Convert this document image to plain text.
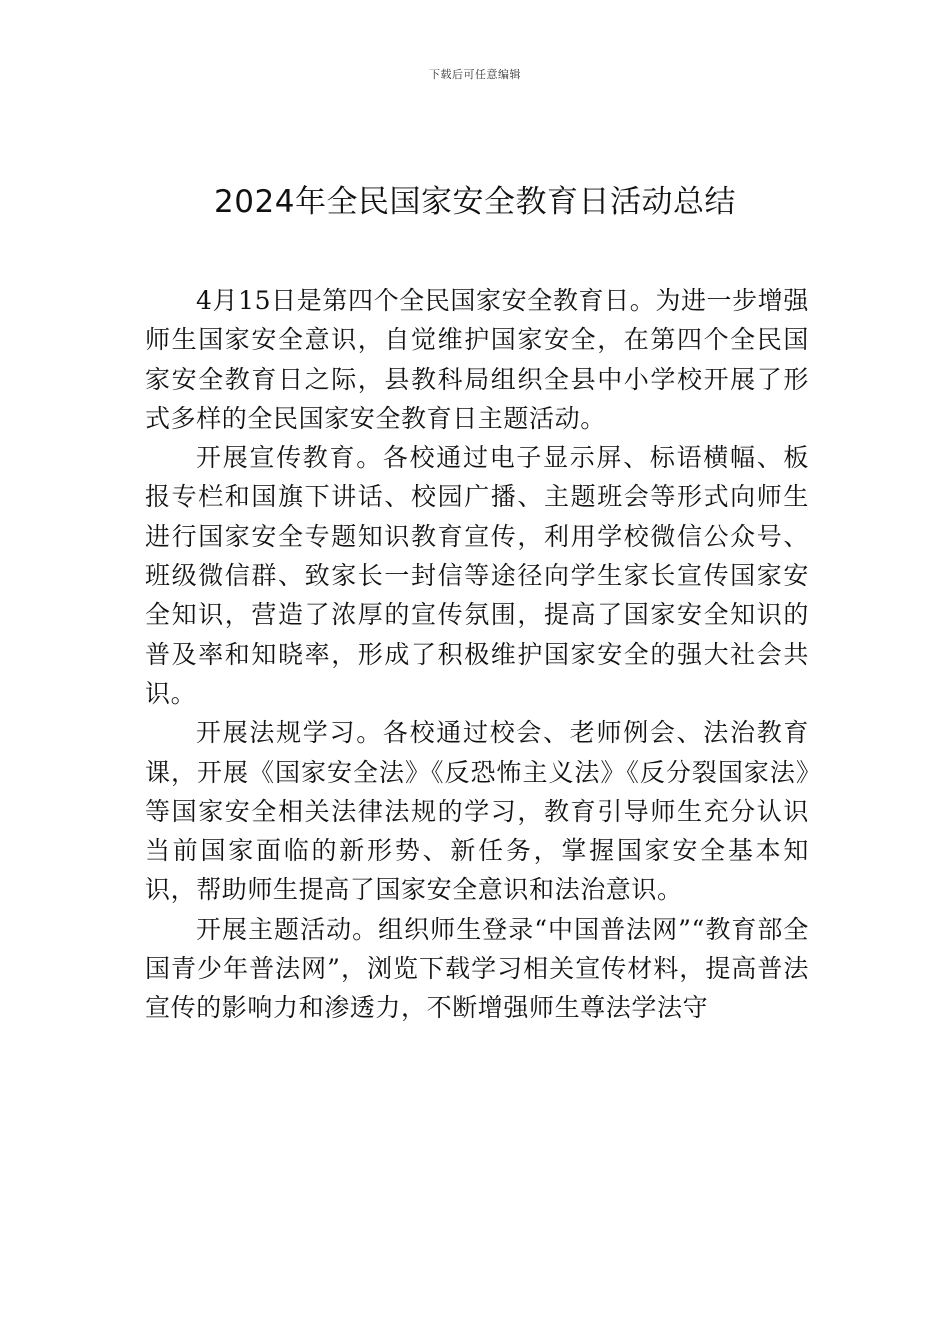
下载后可任意编辑
2024年全民国家安全教育日活动总结

4月15日是第四个全民国家安全教育日。为进一步增强师生国家安全意识，自觉维护国家安全，在第四个全民国家安全教育日之际，县教科局组织全县中小学校开展了形式多样的全民国家安全教育日主题活动。

开展宣传教育。各校通过电子显示屏、标语横幅、板报专栏和国旗下讲话、校园广播、主题班会等形式向师生进行国家安全专题知识教育宣传，利用学校微信公众号、班级微信群、致家长一封信等途径向学生家长宣传国家安全知识，营造了浓厚的宣传氛围，提高了国家安全知识的普及率和知晓率，形成了积极维护国家安全的强大社会共识。

开展法规学习。各校通过校会、老师例会、法治教育课，开展《国家安全法》《反恐怖主义法》《反分裂国家法》等国家安全相关法律法规的学习，教育引导师生充分认识当前国家面临的新形势、新任务，掌握国家安全基本知识，帮助师生提高了国家安全意识和法治意识。

开展主题活动。组织师生登录“中国普法网”“教育部全国青少年普法网”，浏览下载学习相关宣传材料，提高普法宣传的影响力和渗透力，不断增强师生尊法学法守
